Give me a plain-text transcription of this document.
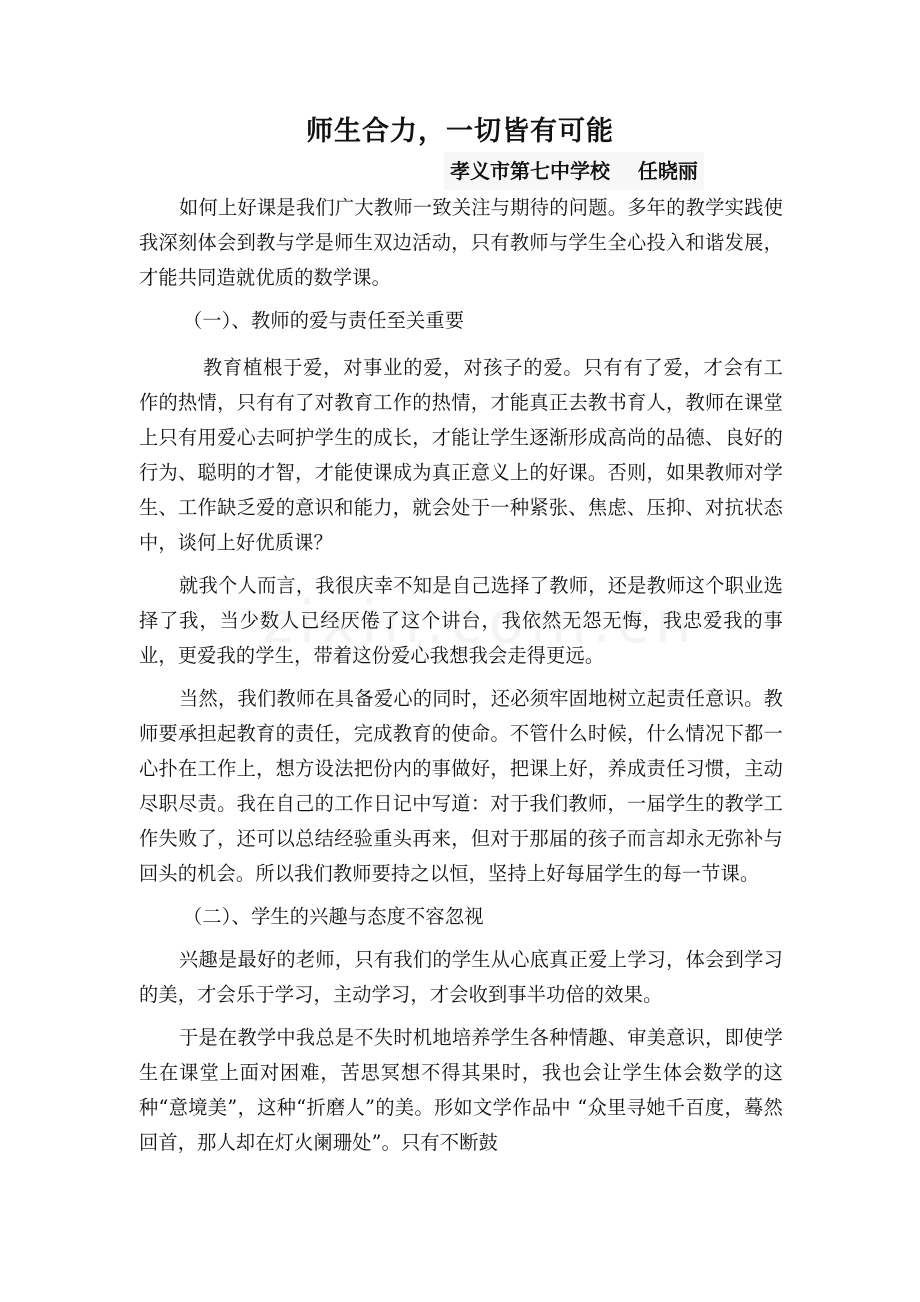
师生合力，一切皆有可能
孝义市第七中学校    任晓丽

如何上好课是我们广大教师一致关注与期待的问题。多年的教学实践使我深刻体会到教与学是师生双边活动，只有教师与学生全心投入和谐发展，才能共同造就优质的数学课。

（一）、教师的爱与责任至关重要

教育植根于爱，对事业的爱，对孩子的爱。只有有了爱，才会有工作的热情，只有有了对教育工作的热情，才能真正去教书育人，教师在课堂上只有用爱心去呵护学生的成长，才能让学生逐渐形成高尚的品德、良好的行为、聪明的才智，才能使课成为真正意义上的好课。否则，如果教师对学生、工作缺乏爱的意识和能力，就会处于一种紧张、焦虑、压抑、对抗状态中，谈何上好优质课？

就我个人而言，我很庆幸不知是自己选择了教师，还是教师这个职业选择了我，当少数人已经厌倦了这个讲台，我依然无怨无悔，我忠爱我的事业，更爱我的学生，带着这份爱心我想我会走得更远。

当然，我们教师在具备爱心的同时，还必须牢固地树立起责任意识。教师要承担起教育的责任，完成教育的使命。不管什么时候，什么情况下都一心扑在工作上，想方设法把份内的事做好，把课上好，养成责任习惯，主动尽职尽责。我在自己的工作日记中写道：对于我们教师，一届学生的教学工作失败了，还可以总结经验重头再来，但对于那届的孩子而言却永无弥补与回头的机会。所以我们教师要持之以恒，坚持上好每届学生的每一节课。

（二）、学生的兴趣与态度不容忽视

兴趣是最好的老师，只有我们的学生从心底真正爱上学习，体会到学习的美，才会乐于学习，主动学习，才会收到事半功倍的效果。

于是在教学中我总是不失时机地培养学生各种情趣、审美意识，即使学生在课堂上面对困难，苦思冥想不得其果时，我也会让学生体会数学的这种“意境美”，这种“折磨人”的美。形如文学作品中 “众里寻她千百度，蓦然回首，那人却在灯火阑珊处”。只有不断鼓
